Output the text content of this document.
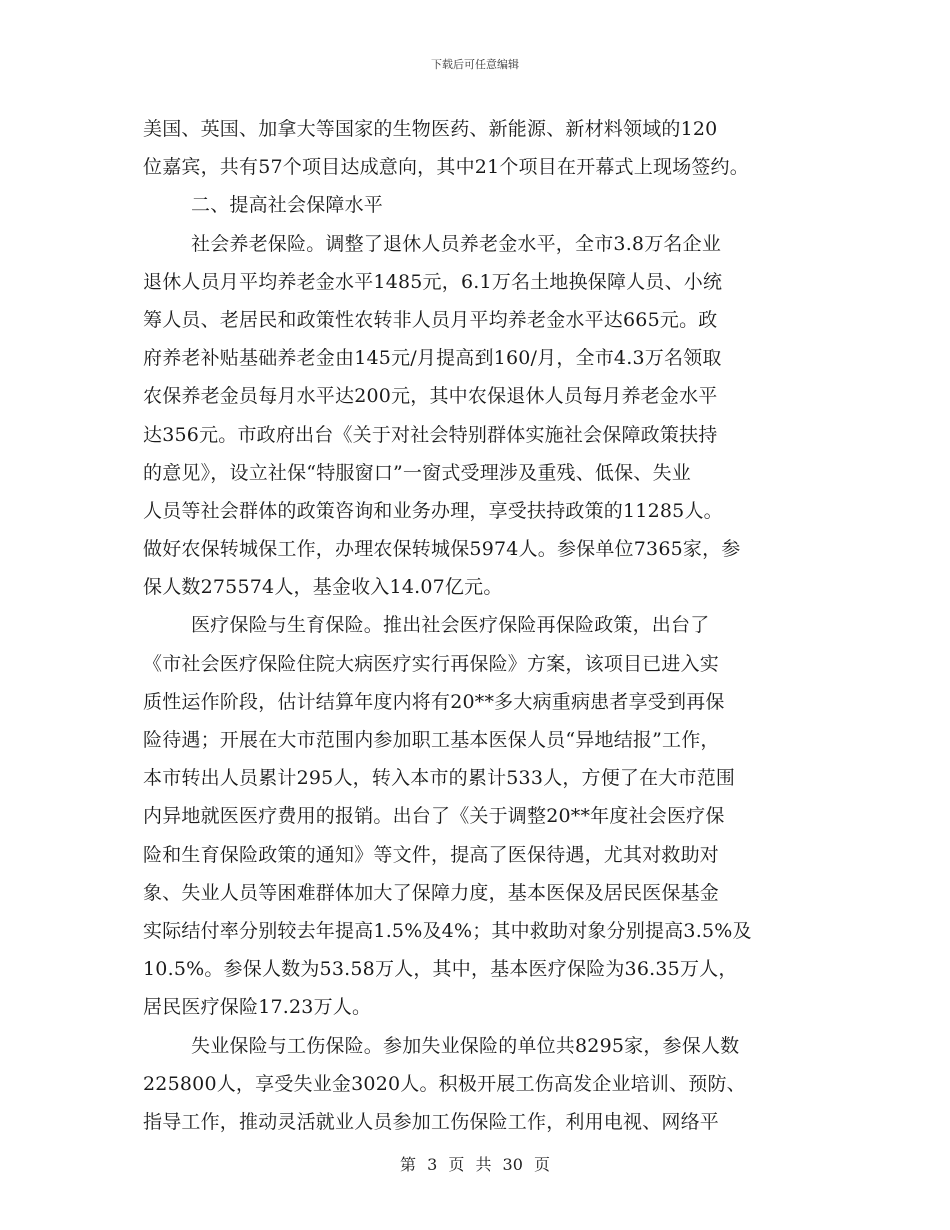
下载后可任意编辑
美国、英国、加拿大等国家的生物医药、新能源、新材料领域的120
位嘉宾，共有57个项目达成意向，其中21个项目在开幕式上现场签约。
二、提高社会保障水平
社会养老保险。调整了退休人员养老金水平，全市3.8万名企业
退休人员月平均养老金水平1485元，6.1万名土地换保障人员、小统
筹人员、老居民和政策性农转非人员月平均养老金水平达665元。政
府养老补贴基础养老金由145元/月提高到160/月，全市4.3万名领取
农保养老金员每月水平达200元，其中农保退休人员每月养老金水平
达356元。市政府出台《关于对社会特别群体实施社会保障政策扶持
的意见》，设立社保“特服窗口”一窗式受理涉及重残、低保、失业
人员等社会群体的政策咨询和业务办理，享受扶持政策的11285人。
做好农保转城保工作，办理农保转城保5974人。参保单位7365家，参
保人数275574人，基金收入14.07亿元。
医疗保险与生育保险。推出社会医疗保险再保险政策，出台了
《市社会医疗保险住院大病医疗实行再保险》方案，该项目已进入实
质性运作阶段，估计结算年度内将有20**多大病重病患者享受到再保
险待遇；开展在大市范围内参加职工基本医保人员“异地结报”工作，
本市转出人员累计295人，转入本市的累计533人，方便了在大市范围
内异地就医医疗费用的报销。出台了《关于调整20**年度社会医疗保
险和生育保险政策的通知》等文件，提高了医保待遇，尤其对救助对
象、失业人员等困难群体加大了保障力度，基本医保及居民医保基金
实际结付率分别较去年提高1.5%及4%；其中救助对象分别提高3.5%及
10.5%。参保人数为53.58万人，其中，基本医疗保险为36.35万人，
居民医疗保险17.23万人。
失业保险与工伤保险。参加失业保险的单位共8295家，参保人数
225800人，享受失业金3020人。积极开展工伤高发企业培训、预防、
指导工作，推动灵活就业人员参加工伤保险工作，利用电视、网络平
第 3 页 共 30 页
